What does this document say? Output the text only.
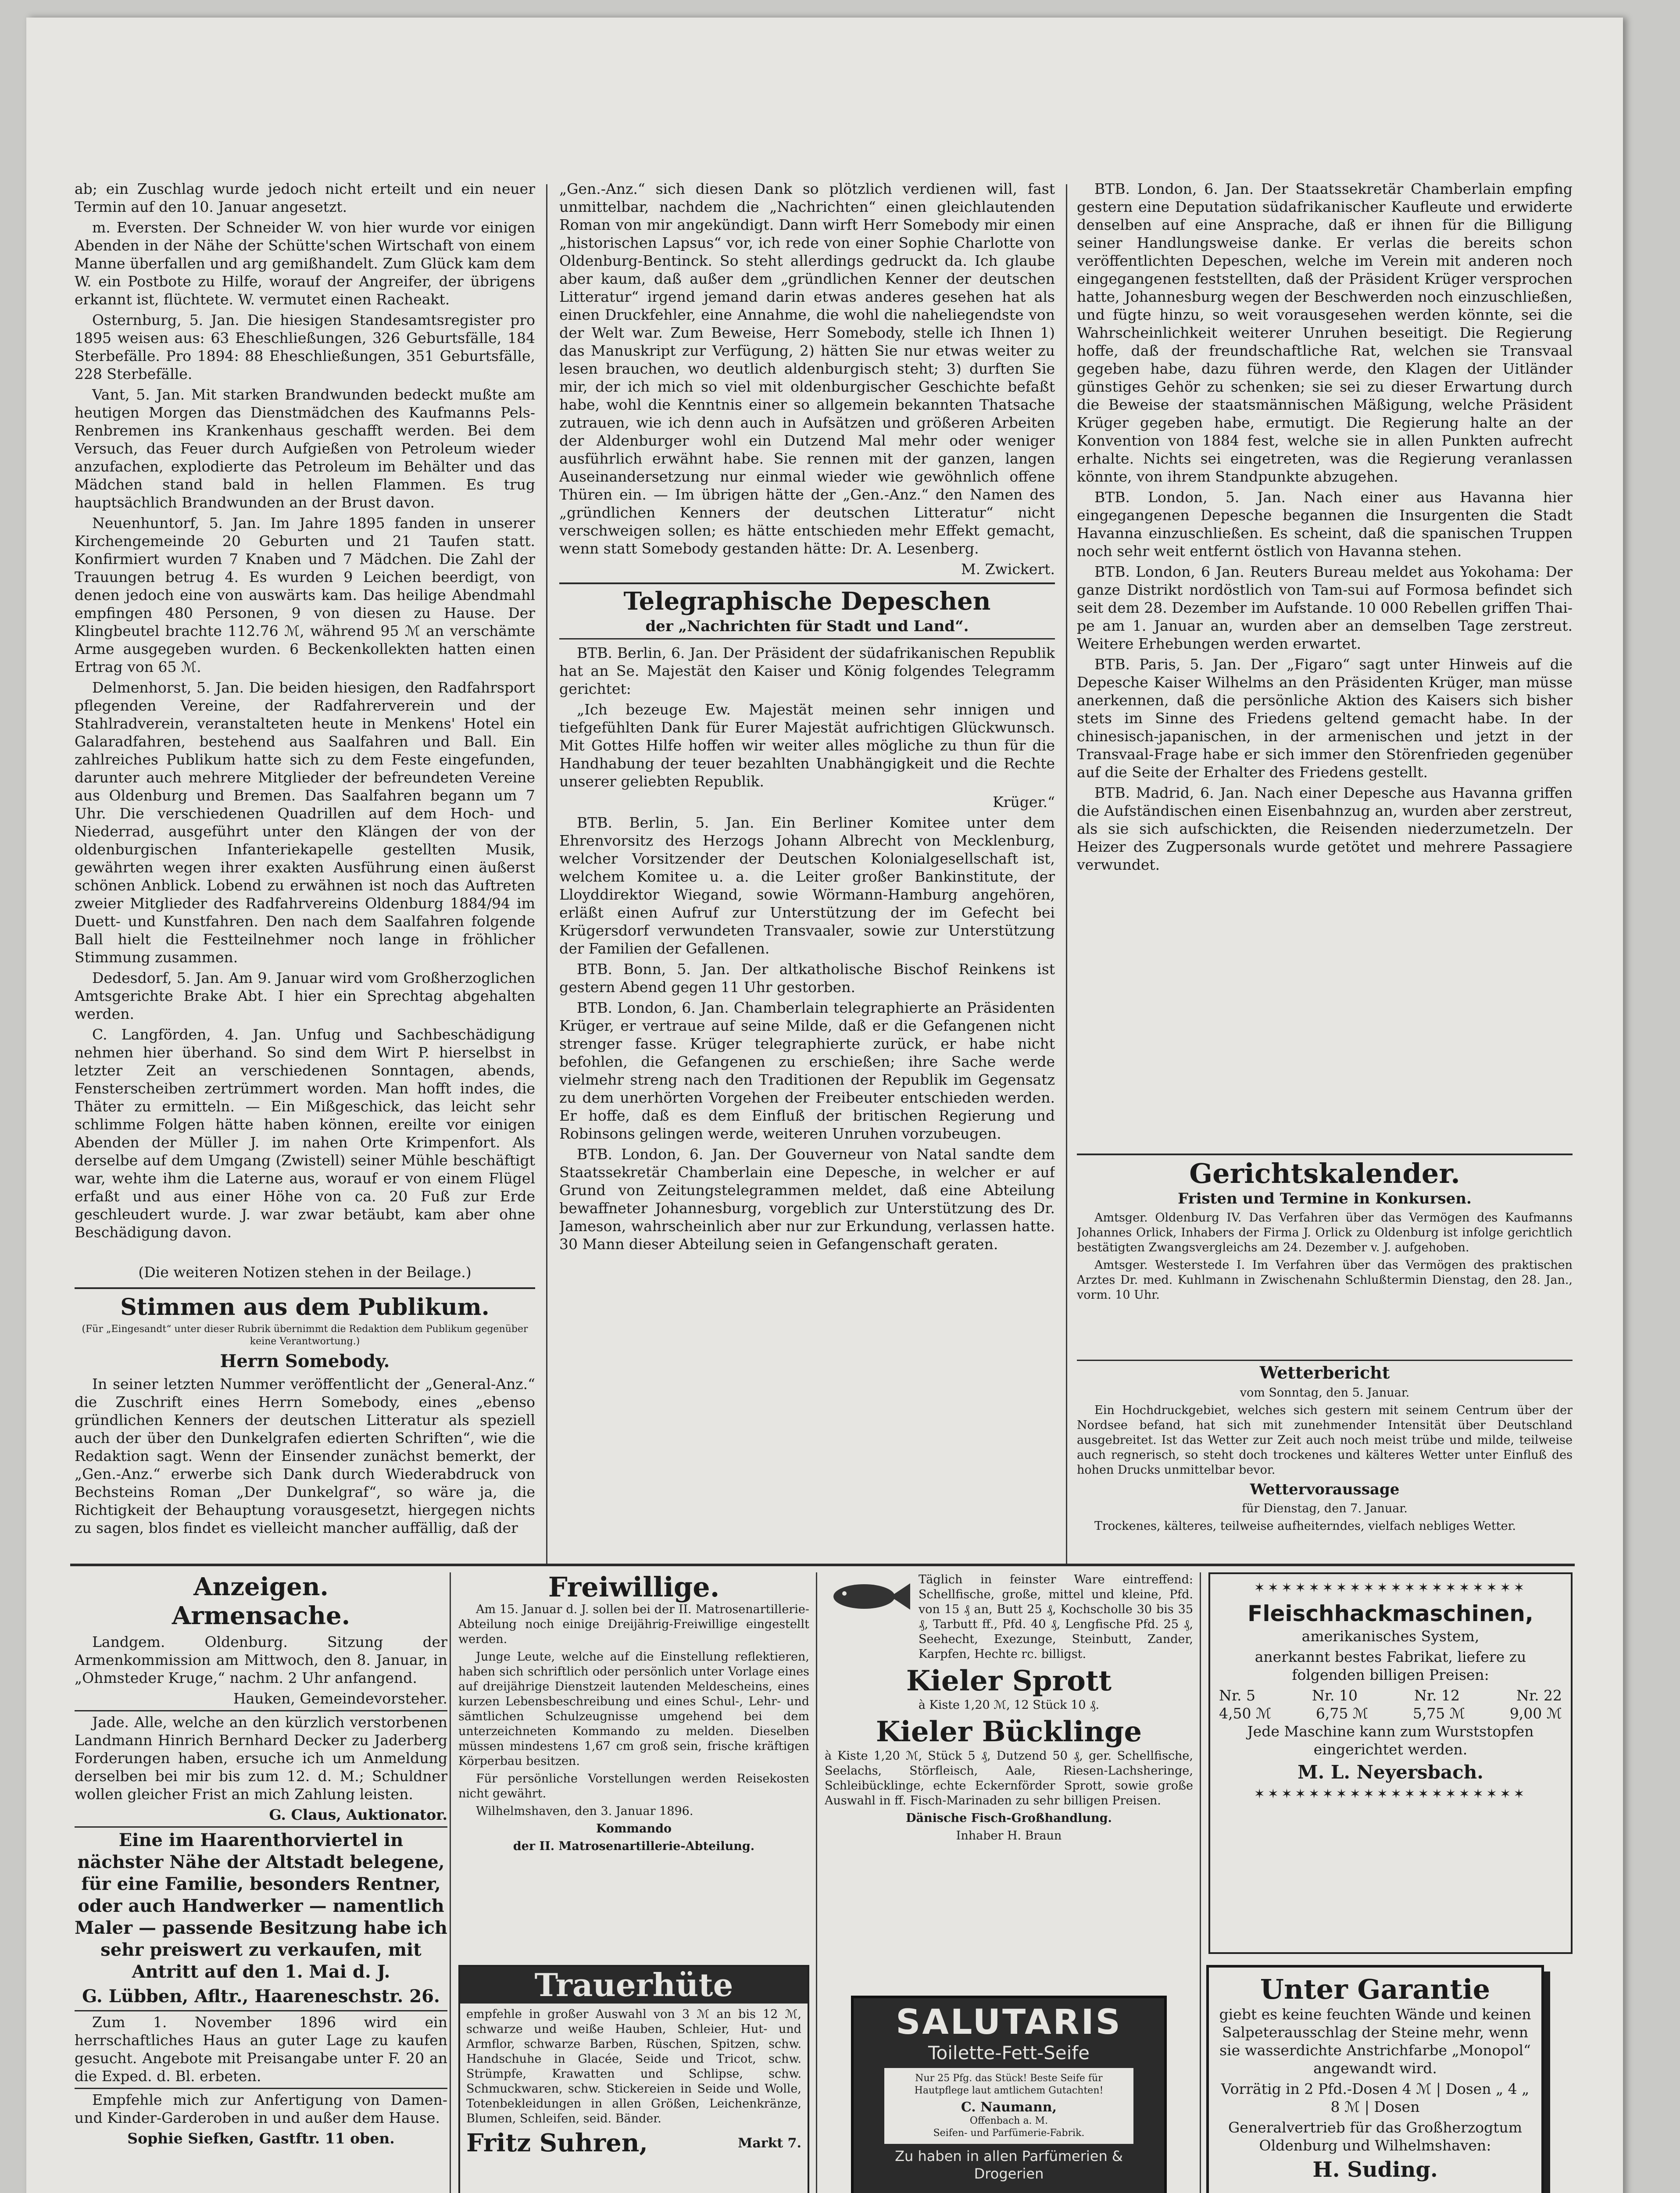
ab; ein Zuschlag wurde jedoch nicht erteilt und ein neuer Termin auf den 10. Januar angesetzt.

m. Eversten. Der Schneider W. von hier wurde vor einigen Abenden in der Nähe der Schütte'schen Wirtschaft von einem Manne überfallen und arg gemißhandelt. Zum Glück kam dem W. ein Postbote zu Hilfe, worauf der Angreifer, der übrigens erkannt ist, flüchtete. W. vermutet einen Racheakt.

Osternburg, 5. Jan. Die hiesigen Standesamtsregister pro 1895 weisen aus: 63 Eheschließungen, 326 Geburtsfälle, 184 Sterbefälle. Pro 1894: 88 Eheschließungen, 351 Geburtsfälle, 228 Sterbefälle.

Vant, 5. Jan. Mit starken Brandwunden bedeckt mußte am heutigen Morgen das Dienstmädchen des Kaufmanns Pels-Renbremen ins Krankenhaus geschafft werden. Bei dem Versuch, das Feuer durch Aufgießen von Petroleum wieder anzufachen, explodierte das Petroleum im Behälter und das Mädchen stand bald in hellen Flammen. Es trug hauptsächlich Brandwunden an der Brust davon.

Neuenhuntorf, 5. Jan. Im Jahre 1895 fanden in unserer Kirchengemeinde 20 Geburten und 21 Taufen statt. Konfirmiert wurden 7 Knaben und 7 Mädchen. Die Zahl der Trauungen betrug 4. Es wurden 9 Leichen beerdigt, von denen jedoch eine von auswärts kam. Das heilige Abendmahl empfingen 480 Personen, 9 von diesen zu Hause. Der Klingbeutel brachte 112.76 ℳ, während 95 ℳ an verschämte Arme ausgegeben wurden. 6 Beckenkollekten hatten einen Ertrag von 65 ℳ.

Delmenhorst, 5. Jan. Die beiden hiesigen, den Radfahrsport pflegenden Vereine, der Radfahrerverein und der Stahlradverein, veranstalteten heute in Menkens' Hotel ein Galaradfahren, bestehend aus Saalfahren und Ball. Ein zahlreiches Publikum hatte sich zu dem Feste eingefunden, darunter auch mehrere Mitglieder der befreundeten Vereine aus Oldenburg und Bremen. Das Saalfahren begann um 7 Uhr. Die verschiedenen Quadrillen auf dem Hoch- und Niederrad, ausgeführt unter den Klängen der von der oldenburgischen Infanteriekapelle gestellten Musik, gewährten wegen ihrer exakten Ausführung einen äußerst schönen Anblick. Lobend zu erwähnen ist noch das Auftreten zweier Mitglieder des Radfahrvereins Oldenburg 1884/94 im Duett- und Kunstfahren. Den nach dem Saalfahren folgende Ball hielt die Festteilnehmer noch lange in fröhlicher Stimmung zusammen.

Dedesdorf, 5. Jan. Am 9. Januar wird vom Großherzoglichen Amtsgerichte Brake Abt. I hier ein Sprechtag abgehalten werden.

C. Langförden, 4. Jan. Unfug und Sachbeschädigung nehmen hier überhand. So sind dem Wirt P. hierselbst in letzter Zeit an verschiedenen Sonntagen, abends, Fensterscheiben zertrümmert worden. Man hofft indes, die Thäter zu ermitteln. — Ein Mißgeschick, das leicht sehr schlimme Folgen hätte haben können, ereilte vor einigen Abenden der Müller J. im nahen Orte Krimpenfort. Als derselbe auf dem Umgang (Zwistell) seiner Mühle beschäftigt war, wehte ihm die Laterne aus, worauf er von einem Flügel erfaßt und aus einer Höhe von ca. 20 Fuß zur Erde geschleudert wurde. J. war zwar betäubt, kam aber ohne Beschädigung davon.

(Die weiteren Notizen stehen in der Beilage.)
Stimmen aus dem Publikum.

(Für „Eingesandt“ unter dieser Rubrik übernimmt die Redaktion dem Publikum gegenüber keine Verantwortung.)

Herrn Somebody.

In seiner letzten Nummer veröffentlicht der „General-Anz.“ die Zuschrift eines Herrn Somebody, eines „ebenso gründlichen Kenners der deutschen Litteratur als speziell auch der über den Dunkelgrafen edierten Schriften“, wie die Redaktion sagt. Wenn der Einsender zunächst bemerkt, der „Gen.-Anz.“ erwerbe sich Dank durch Wiederabdruck von Bechsteins Roman „Der Dunkelgraf“, so wäre ja, die Richtigkeit der Behauptung vorausgesetzt, hiergegen nichts zu sagen, blos findet es vielleicht mancher auffällig, daß der

„Gen.-Anz.“ sich diesen Dank so plötzlich verdienen will, fast unmittelbar, nachdem die „Nachrichten“ einen gleichlautenden Roman von mir angekündigt. Dann wirft Herr Somebody mir einen „historischen Lapsus“ vor, ich rede von einer Sophie Charlotte von Oldenburg-Bentinck. So steht allerdings gedruckt da. Ich glaube aber kaum, daß außer dem „gründlichen Kenner der deutschen Litteratur“ irgend jemand darin etwas anderes gesehen hat als einen Druckfehler, eine Annahme, die wohl die naheliegendste von der Welt war. Zum Beweise, Herr Somebody, stelle ich Ihnen 1) das Manuskript zur Verfügung, 2) hätten Sie nur etwas weiter zu lesen brauchen, wo deutlich aldenburgisch steht; 3) durften Sie mir, der ich mich so viel mit oldenburgischer Geschichte befaßt habe, wohl die Kenntnis einer so allgemein bekannten Thatsache zutrauen, wie ich denn auch in Aufsätzen und größeren Arbeiten der Aldenburger wohl ein Dutzend Mal mehr oder weniger ausführlich erwähnt habe. Sie rennen mit der ganzen, langen Auseinandersetzung nur einmal wieder wie gewöhnlich offene Thüren ein. — Im übrigen hätte der „Gen.-Anz.“ den Namen des „gründlichen Kenners der deutschen Litteratur“ nicht verschweigen sollen; es hätte entschieden mehr Effekt gemacht, wenn statt Somebody gestanden hätte: Dr. A. Lesenberg.

M. Zwickert.

Telegraphische Depeschen

der „Nachrichten für Stadt und Land“.

BTB. Berlin, 6. Jan. Der Präsident der südafrikanischen Republik hat an Se. Majestät den Kaiser und König folgendes Telegramm gerichtet:

„Ich bezeuge Ew. Majestät meinen sehr innigen und tiefgefühlten Dank für Eurer Majestät aufrichtigen Glückwunsch. Mit Gottes Hilfe hoffen wir weiter alles mögliche zu thun für die Handhabung der teuer bezahlten Unabhängigkeit und die Rechte unserer geliebten Republik.

Krüger.“

BTB. Berlin, 5. Jan. Ein Berliner Komitee unter dem Ehrenvorsitz des Herzogs Johann Albrecht von Mecklenburg, welcher Vorsitzender der Deutschen Kolonialgesellschaft ist, welchem Komitee u. a. die Leiter großer Bankinstitute, der Lloyddirektor Wiegand, sowie Wörmann-Hamburg angehören, erläßt einen Aufruf zur Unterstützung der im Gefecht bei Krügersdorf verwundeten Transvaaler, sowie zur Unterstützung der Familien der Gefallenen.

BTB. Bonn, 5. Jan. Der altkatholische Bischof Reinkens ist gestern Abend gegen 11 Uhr gestorben.

BTB. London, 6. Jan. Chamberlain telegraphierte an Präsidenten Krüger, er vertraue auf seine Milde, daß er die Gefangenen nicht strenger fasse. Krüger telegraphierte zurück, er habe nicht befohlen, die Gefangenen zu erschießen; ihre Sache werde vielmehr streng nach den Traditionen der Republik im Gegensatz zu dem unerhörten Vorgehen der Freibeuter entschieden werden. Er hoffe, daß es dem Einfluß der britischen Regierung und Robinsons gelingen werde, weiteren Unruhen vorzubeugen.

BTB. London, 6. Jan. Der Gouverneur von Natal sandte dem Staatssekretär Chamberlain eine Depesche, in welcher er auf Grund von Zeitungstelegrammen meldet, daß eine Abteilung bewaffneter Johannesburg, vorgeblich zur Unterstützung des Dr. Jameson, wahrscheinlich aber nur zur Erkundung, verlassen hatte. 30 Mann dieser Abteilung seien in Gefangenschaft geraten.

BTB. London, 6. Jan. Der Staatssekretär Chamberlain empfing gestern eine Deputation südafrikanischer Kaufleute und erwiderte denselben auf eine Ansprache, daß er ihnen für die Billigung seiner Handlungsweise danke. Er verlas die bereits schon veröffentlichten Depeschen, welche im Verein mit anderen noch eingegangenen feststellten, daß der Präsident Krüger versprochen hatte, Johannesburg wegen der Beschwerden noch einzuschließen, und fügte hinzu, so weit vorausgesehen werden könnte, sei die Wahrscheinlichkeit weiterer Unruhen beseitigt. Die Regierung hoffe, daß der freundschaftliche Rat, welchen sie Transvaal gegeben habe, dazu führen werde, den Klagen der Uitländer günstiges Gehör zu schenken; sie sei zu dieser Erwartung durch die Beweise der staatsmännischen Mäßigung, welche Präsident Krüger gegeben habe, ermutigt. Die Regierung halte an der Konvention von 1884 fest, welche sie in allen Punkten aufrecht erhalte. Nichts sei eingetreten, was die Regierung veranlassen könnte, von ihrem Standpunkte abzugehen.

BTB. London, 5. Jan. Nach einer aus Havanna hier eingegangenen Depesche begannen die Insurgenten die Stadt Havanna einzuschließen. Es scheint, daß die spanischen Truppen noch sehr weit entfernt östlich von Havanna stehen.

BTB. London, 6 Jan. Reuters Bureau meldet aus Yokohama: Der ganze Distrikt nordöstlich von Tam-sui auf Formosa befindet sich seit dem 28. Dezember im Aufstande. 10 000 Rebellen griffen Thai-pe am 1. Januar an, wurden aber an demselben Tage zerstreut. Weitere Erhebungen werden erwartet.

BTB. Paris, 5. Jan. Der „Figaro“ sagt unter Hinweis auf die Depesche Kaiser Wilhelms an den Präsidenten Krüger, man müsse anerkennen, daß die persönliche Aktion des Kaisers sich bisher stets im Sinne des Friedens geltend gemacht habe. In der chinesisch-japanischen, in der armenischen und jetzt in der Transvaal-Frage habe er sich immer den Störenfrieden gegenüber auf die Seite der Erhalter des Friedens gestellt.

BTB. Madrid, 6. Jan. Nach einer Depesche aus Havanna griffen die Aufständischen einen Eisenbahnzug an, wurden aber zerstreut, als sie sich aufschickten, die Reisenden niederzumetzeln. Der Heizer des Zugpersonals wurde getötet und mehrere Passagiere verwundet.

Gerichtskalender.

Fristen und Termine in Konkursen.

Amtsger. Oldenburg IV. Das Verfahren über das Vermögen des Kaufmanns Johannes Orlick, Inhabers der Firma J. Orlick zu Oldenburg ist infolge gerichtlich bestätigten Zwangsvergleichs am 24. Dezember v. J. aufgehoben.

Amtsger. Westerstede I. Im Verfahren über das Vermögen des praktischen Arztes Dr. med. Kuhlmann in Zwischenahn Schlußtermin Dienstag, den 28. Jan., vorm. 10 Uhr.

Wetterbericht

vom Sonntag, den 5. Januar.

Ein Hochdruckgebiet, welches sich gestern mit seinem Centrum über der Nordsee befand, hat sich mit zunehmender Intensität über Deutschland ausgebreitet. Ist das Wetter zur Zeit auch noch meist trübe und milde, teilweise auch regnerisch, so steht doch trockenes und kälteres Wetter unter Einfluß des hohen Drucks unmittelbar bevor.

Wettervoraussage

für Dienstag, den 7. Januar.

Trockenes, kälteres, teilweise aufheiterndes, vielfach nebliges Wetter.

Anzeigen.
Armensache.

Landgem. Oldenburg. Sitzung der Armenkommission am Mittwoch, den 8. Januar, in „Ohmsteder Kruge,“ nachm. 2 Uhr anfangend.

Hauken, Gemeindevorsteher.

Jade. Alle, welche an den kürzlich verstorbenen Landmann Hinrich Bernhard Decker zu Jaderberg Forderungen haben, ersuche ich um Anmeldung derselben bei mir bis zum 12. d. M.; Schuldner wollen gleicher Frist an mich Zahlung leisten.

G. Claus, Auktionator.

Eine im Haarenthorviertel in nächster Nähe der Altstadt belegene, für eine Familie, besonders Rentner, oder auch Handwerker — namentlich Maler — passende Besitzung habe ich sehr preiswert zu verkaufen, mit Antritt auf den 1. Mai d. J.

G. Lübben, Afltr., Haareneschstr. 26.

Zum 1. November 1896 wird ein herrschaftliches Haus an guter Lage zu kaufen gesucht. Angebote mit Preisangabe unter F. 20 an die Exped. d. Bl. erbeten.

Empfehle mich zur Anfertigung von Damen- und Kinder-Garderoben in und außer dem Hause.

Sophie Siefken, Gastftr. 11 oben.

Freiwillige.

Am 15. Januar d. J. sollen bei der II. Matrosenartillerie-Abteilung noch einige Dreijährig-Freiwillige eingestellt werden.

Junge Leute, welche auf die Einstellung reflektieren, haben sich schriftlich oder persönlich unter Vorlage eines auf dreijährige Dienstzeit lautenden Meldescheins, eines kurzen Lebensbeschreibung und eines Schul-, Lehr- und sämtlichen Schulzeugnisse umgehend bei dem unterzeichneten Kommando zu melden. Dieselben müssen mindestens 1,67 cm groß sein, frische kräftigen Körperbau besitzen.

Für persönliche Vorstellungen werden Reisekosten nicht gewährt.

Wilhelmshaven, den 3. Januar 1896.

Kommando

der II. Matrosenartillerie-Abteilung.

Trauerhüte

empfehle in großer Auswahl von 3 ℳ an bis 12 ℳ, schwarze und weiße Hauben, Schleier, Hut- und Armflor, schwarze Barben, Rüschen, Spitzen, schw. Handschuhe in Glacée, Seide und Tricot, schw. Strümpfe, Krawatten und Schlipse, schw. Schmuckwaren, schw. Stickereien in Seide und Wolle, Totenbekleidungen in allen Größen, Leichenkränze, Blumen, Schleifen, seid. Bänder.

Fritz Suhren,	Markt 7.

Täglich in feinster Ware eintreffend: Schellfische, große, mittel und kleine, Pfd. von 15 ₰ an, Butt 25 ₰, Kochscholle 30 bis 35 ₰, Tarbutt ff., Pfd. 40 ₰, Lengfische Pfd. 25 ₰, Seehecht, Exezunge, Steinbutt, Zander, Karpfen, Hechte rc. billigst.

Kieler Sprott

à Kiste 1,20 ℳ, 12 Stück 10 ₰.

Kieler Bücklinge

à Kiste 1,20 ℳ, Stück 5 ₰, Dutzend 50 ₰, ger. Schellfische, Seelachs, Störfleisch, Aale, Riesen-Lachsheringe, Schleibücklinge, echte Eckernförder Sprott, sowie große Auswahl in ff. Fisch-Marinaden zu sehr billigen Preisen.

Dänische Fisch-Großhandlung.

Inhaber H. Braun

SALUTARIS
Toilette-Fett-Seife

Nur 25 Pfg. das Stück! Beste Seife für Hautpflege laut amtlichem Gutachten!

C. Naumann,

Offenbach a. M.

Seifen- und Parfümerie-Fabrik.

Zu haben in allen Parfümerien & Drogerien

✶✶✶✶✶✶✶✶✶✶✶✶✶✶✶✶✶✶✶✶
Fleischhackmaschinen,

amerikanisches System,

anerkannt bestes Fabrikat, liefere zu folgenden billigen Preisen:

Nr. 5	Nr. 10	Nr. 12	Nr. 22
4,50 ℳ	6,75 ℳ	5,75 ℳ	9,00 ℳ

Jede Maschine kann zum Wurststopfen eingerichtet werden.

M. L. Neyersbach.

✶✶✶✶✶✶✶✶✶✶✶✶✶✶✶✶✶✶✶✶
Unter Garantie

giebt es keine feuchten Wände und keinen Salpeterausschlag der Steine mehr, wenn sie wasserdichte Anstrichfarbe „Monopol“ angewandt wird.

Vorrätig in 2 Pfd.-Dosen 4 ℳ | Dosen „ 4 „ 8 ℳ | Dosen

Generalvertrieb für das Großherzogtum Oldenburg und Wilhelmshaven:

H. Suding.
